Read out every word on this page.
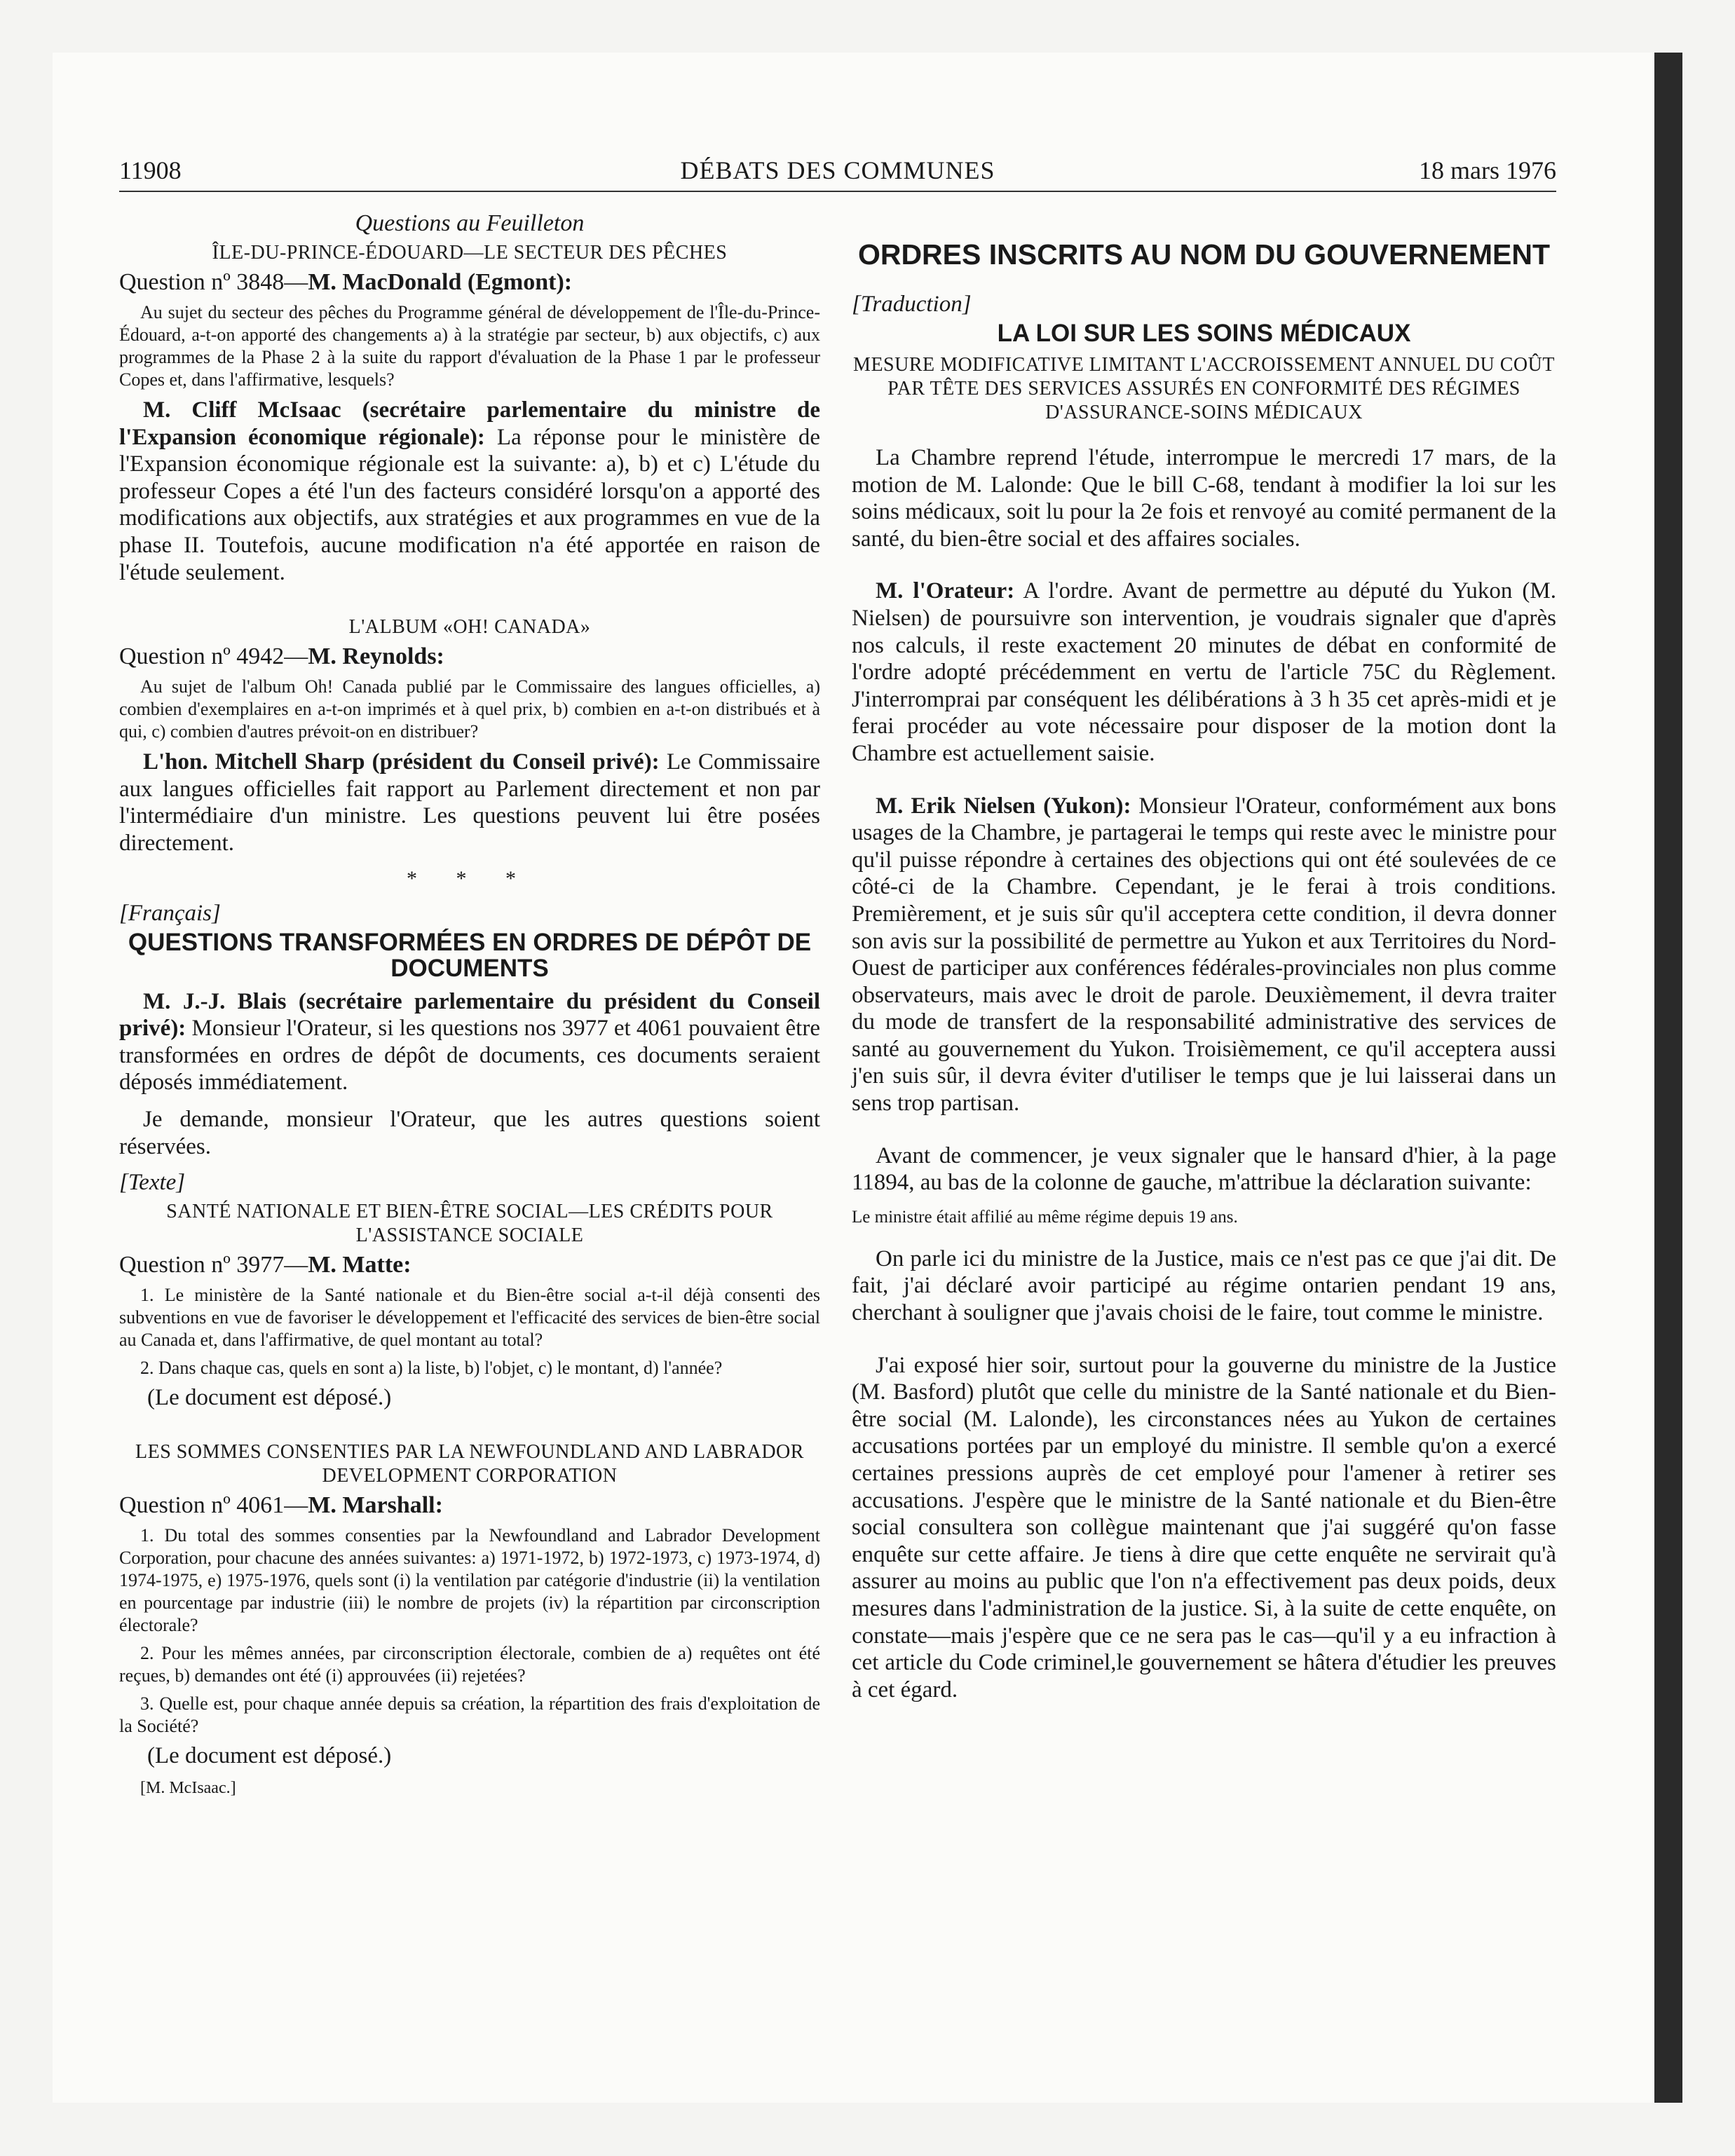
11908	DÉBATS DES COMMUNES	18 mars 1976

Questions au Feuilleton

ÎLE-DU-PRINCE-ÉDOUARD—LE SECTEUR DES PÊCHES

Question nº 3848—M. MacDonald (Egmont):

Au sujet du secteur des pêches du Programme général de développement de l'Île-du-Prince-Édouard, a-t-on apporté des changements a) à la stratégie par secteur, b) aux objectifs, c) aux programmes de la Phase 2 à la suite du rapport d'évaluation de la Phase 1 par le professeur Copes et, dans l'affirmative, lesquels?

M. Cliff McIsaac (secrétaire parlementaire du ministre de l'Expansion économique régionale): La réponse pour le ministère de l'Expansion économique régionale est la suivante: a), b) et c) L'étude du professeur Copes a été l'un des facteurs considéré lorsqu'on a apporté des modifications aux objectifs, aux stratégies et aux programmes en vue de la phase II. Toutefois, aucune modification n'a été apportée en raison de l'étude seulement.

L'ALBUM «OH! CANADA»

Question nº 4942—M. Reynolds:

Au sujet de l'album Oh! Canada publié par le Commissaire des langues officielles, a) combien d'exemplaires en a-t-on imprimés et à quel prix, b) combien en a-t-on distribués et à qui, c) combien d'autres prévoit-on en distribuer?

L'hon. Mitchell Sharp (président du Conseil privé): Le Commissaire aux langues officielles fait rapport au Parlement directement et non par l'intermédiaire d'un ministre. Les questions peuvent lui être posées directement.

* * *

[Français]

QUESTIONS TRANSFORMÉES EN ORDRES DE DÉPÔT DE DOCUMENTS

M. J.-J. Blais (secrétaire parlementaire du président du Conseil privé): Monsieur l'Orateur, si les questions nos 3977 et 4061 pouvaient être transformées en ordres de dépôt de documents, ces documents seraient déposés immédiatement.

Je demande, monsieur l'Orateur, que les autres questions soient réservées.

[Texte]

SANTÉ NATIONALE ET BIEN-ÊTRE SOCIAL—LES CRÉDITS POUR L'ASSISTANCE SOCIALE

Question nº 3977—M. Matte:

1. Le ministère de la Santé nationale et du Bien-être social a-t-il déjà consenti des subventions en vue de favoriser le développement et l'efficacité des services de bien-être social au Canada et, dans l'affirmative, de quel montant au total?

2. Dans chaque cas, quels en sont a) la liste, b) l'objet, c) le montant, d) l'année?

(Le document est déposé.)

LES SOMMES CONSENTIES PAR LA NEWFOUNDLAND AND LABRADOR DEVELOPMENT CORPORATION

Question nº 4061—M. Marshall:

1. Du total des sommes consenties par la Newfoundland and Labrador Development Corporation, pour chacune des années suivantes: a) 1971-1972, b) 1972-1973, c) 1973-1974, d) 1974-1975, e) 1975-1976, quels sont (i) la ventilation par catégorie d'industrie (ii) la ventilation en pourcentage par industrie (iii) le nombre de projets (iv) la répartition par circonscription électorale?

2. Pour les mêmes années, par circonscription électorale, combien de a) requêtes ont été reçues, b) demandes ont été (i) approuvées (ii) rejetées?

3. Quelle est, pour chaque année depuis sa création, la répartition des frais d'exploitation de la Société?

(Le document est déposé.)

[M. McIsaac.]

ORDRES INSCRITS AU NOM DU GOUVERNEMENT

[Traduction]

LA LOI SUR LES SOINS MÉDICAUX

MESURE MODIFICATIVE LIMITANT L'ACCROISSEMENT ANNUEL DU COÛT PAR TÊTE DES SERVICES ASSURÉS EN CONFORMITÉ DES RÉGIMES D'ASSURANCE-SOINS MÉDICAUX

La Chambre reprend l'étude, interrompue le mercredi 17 mars, de la motion de M. Lalonde: Que le bill C-68, tendant à modifier la loi sur les soins médicaux, soit lu pour la 2e fois et renvoyé au comité permanent de la santé, du bien-être social et des affaires sociales.

M. l'Orateur: A l'ordre. Avant de permettre au député du Yukon (M. Nielsen) de poursuivre son intervention, je voudrais signaler que d'après nos calculs, il reste exactement 20 minutes de débat en conformité de l'ordre adopté précédemment en vertu de l'article 75C du Règlement. J'interromprai par conséquent les délibérations à 3 h 35 cet après-midi et je ferai procéder au vote nécessaire pour disposer de la motion dont la Chambre est actuellement saisie.

M. Erik Nielsen (Yukon): Monsieur l'Orateur, conformément aux bons usages de la Chambre, je partagerai le temps qui reste avec le ministre pour qu'il puisse répondre à certaines des objections qui ont été soulevées de ce côté-ci de la Chambre. Cependant, je le ferai à trois conditions. Premièrement, et je suis sûr qu'il acceptera cette condition, il devra donner son avis sur la possibilité de permettre au Yukon et aux Territoires du Nord-Ouest de participer aux conférences fédérales-provinciales non plus comme observateurs, mais avec le droit de parole. Deuxièmement, il devra traiter du mode de transfert de la responsabilité administrative des services de santé au gouvernement du Yukon. Troisièmement, ce qu'il acceptera aussi j'en suis sûr, il devra éviter d'utiliser le temps que je lui laisserai dans un sens trop partisan.

Avant de commencer, je veux signaler que le hansard d'hier, à la page 11894, au bas de la colonne de gauche, m'attribue la déclaration suivante:

Le ministre était affilié au même régime depuis 19 ans.

On parle ici du ministre de la Justice, mais ce n'est pas ce que j'ai dit. De fait, j'ai déclaré avoir participé au régime ontarien pendant 19 ans, cherchant à souligner que j'avais choisi de le faire, tout comme le ministre.

J'ai exposé hier soir, surtout pour la gouverne du ministre de la Justice (M. Basford) plutôt que celle du ministre de la Santé nationale et du Bien-être social (M. Lalonde), les circonstances nées au Yukon de certaines accusations portées par un employé du ministre. Il semble qu'on a exercé certaines pressions auprès de cet employé pour l'amener à retirer ses accusations. J'espère que le ministre de la Santé nationale et du Bien-être social consultera son collègue maintenant que j'ai suggéré qu'on fasse enquête sur cette affaire. Je tiens à dire que cette enquête ne servirait qu'à assurer au moins au public que l'on n'a effectivement pas deux poids, deux mesures dans l'administration de la justice. Si, à la suite de cette enquête, on constate—mais j'espère que ce ne sera pas le cas—qu'il y a eu infraction à cet article du Code criminel,le gouvernement se hâtera d'étudier les preuves à cet égard.
